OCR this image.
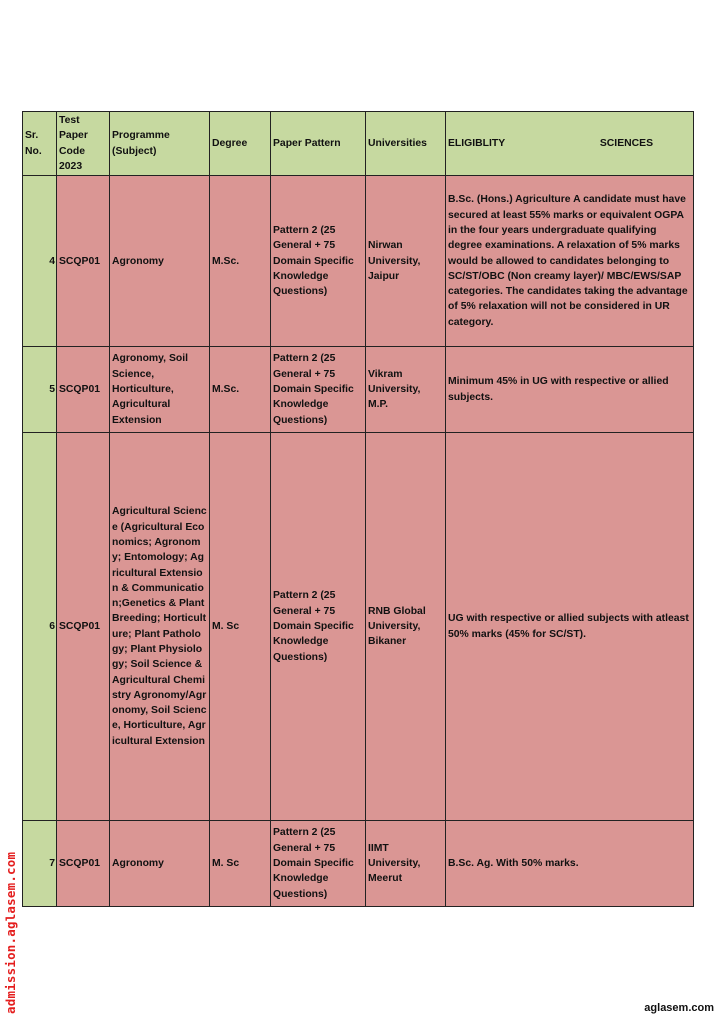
Sr. No.	Test Paper Code 2023	Programme (Subject)	Degree	Paper Pattern	Universities	ELIGIBLITY SCIENCES

4	SCQP01	Agronomy	M.Sc.	Pattern 2 (25 General + 75 Domain Specific Knowledge Questions)	Nirwan University, Jaipur	B.Sc. (Hons.) Agriculture A candidate must have secured at least 55% marks or equivalent OGPA in the four years undergraduate qualifying degree examinations. A relaxation of 5% marks would be allowed to candidates belonging to SC/ST/OBC (Non creamy layer)/ MBC/EWS/SAP categories. The candidates taking the advantage of 5% relaxation will not be considered in UR category.
5	SCQP01	Agronomy, Soil Science, Horticulture, Agricultural Extension	M.Sc.	Pattern 2 (25 General + 75 Domain Specific Knowledge Questions)	Vikram University, M.P.	Minimum 45% in UG with respective or allied subjects.
6	SCQP01	Agricultural Science (Agricultural Economics; Agronomy; Entomology; Agricultural Extension & Communication;Genetics & Plant Breeding; Horticulture; Plant Pathology; Plant Physiology; Soil Science & Agricultural Chemistry Agronomy/Agronomy, Soil Science, Horticulture, Agricultural Extension	M. Sc	Pattern 2 (25 General + 75 Domain Specific Knowledge Questions)	RNB Global University, Bikaner	UG with respective or allied subjects with atleast 50% marks (45% for SC/ST).
7	SCQP01	Agronomy	M. Sc	Pattern 2 (25 General + 75 Domain Specific Knowledge Questions)	IIMT University, Meerut	B.Sc. Ag. With 50% marks.
admission.aglasem.com	aglasem.com
